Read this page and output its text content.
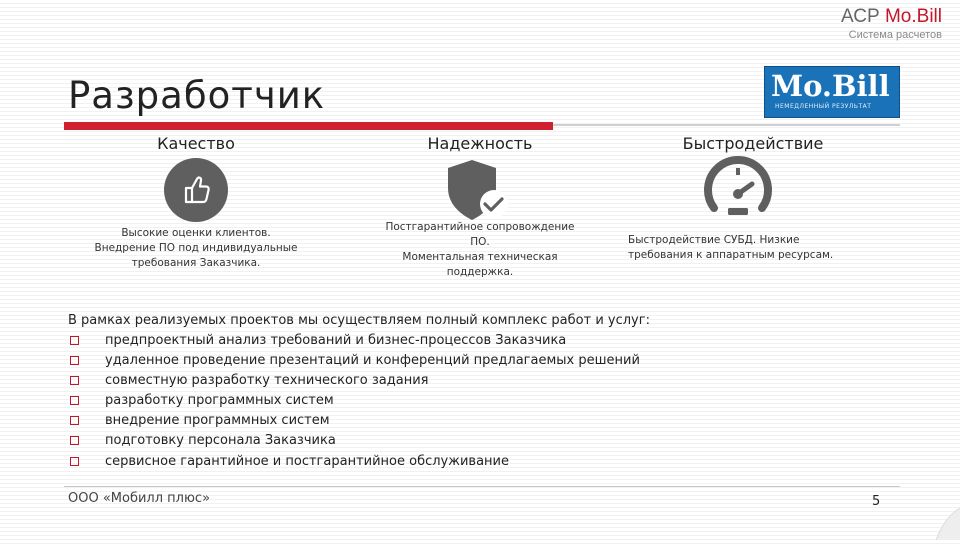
АСР Mo.Bill
Система расчетов
Разработчик	Mo.Bill
НЕМЕДЛЕННЫЙ РЕЗУЛЬТАТ
Качество	Надежность	Быстродействие
Высокие оценки клиентов.
Внедрение ПО под индивидуальные
требования Заказчика.
Постгарантийное сопровождение
ПО.
Моментальная техническая
поддержка.
Быстродействие СУБД. Низкие
требования к аппаратным ресурсам.
В рамках реализуемых проектов мы осуществляем полный комплекс работ и услуг:
предпроектный анализ требований и бизнес-процессов Заказчика
удаленное проведение презентаций и конференций предлагаемых решений
совместную разработку технического задания
разработку программных систем
внедрение программных систем
подготовку персонала Заказчика
сервисное гарантийное и постгарантийное обслуживание
ООО «Мобилл плюс»	5
